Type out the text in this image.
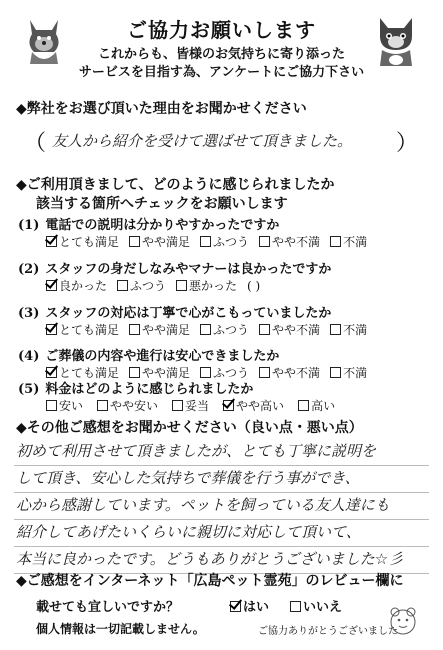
ご協力お願いします
これからも、皆様のお気持ちに寄り添った
サービスを目指す為、アンケートにご協力下さい
◆弊社をお選び頂いた理由をお聞かせください
（ 友人から紹介を受けて選ばせて頂きました。 ）
◆ご利用頂きまして、どのように感じられましたか
該当する箇所へチェックをお願いします
(1) 電話での説明は分かりやすかったですか
とても満足 やや満足 ふつう やや不満 不満
(2) スタッフの身だしなみやマナーは良かったですか
良かった ふつう 悪かった ( )
(3) スタッフの対応は丁寧で心がこもっていましたか
とても満足 やや満足 ふつう やや不満 不満
(4) ご葬儀の内容や進行は安心できましたか
とても満足 やや満足 ふつう やや不満 不満
(5) 料金はどのように感じられましたか
安い やや安い 妥当 やや高い 高い
◆その他ご感想をお聞かせください（良い点・悪い点）
初めて利用させて頂きましたが、とても丁寧に説明を
して頂き、安心した気持ちで葬儀を行う事ができ、
心から感謝しています。ペットを飼っている友人達にも
紹介してあげたいくらいに親切に対応して頂いて、
本当に良かったです。どうもありがとうございました☆彡
◆ご感想をインターネット「広島ペット霊苑」のレビュー欄に
載せても宜しいですか？	はい	いいえ
個人情報は一切記載しません。	ご協力ありがとうございました
